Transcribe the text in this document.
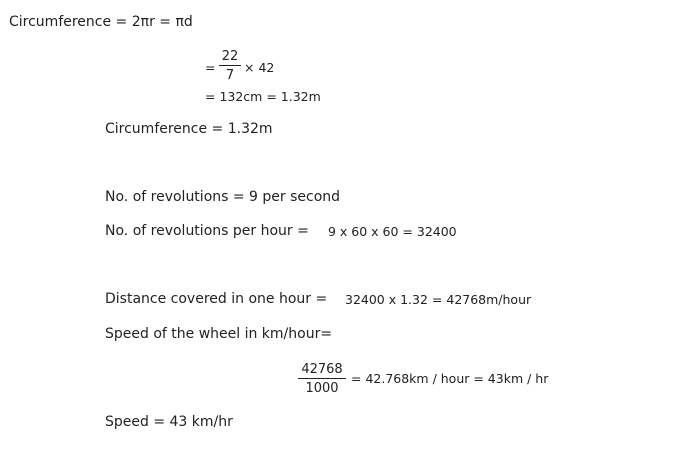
Circumference = 2πr = πd
=
22
7
× 42
= 132cm = 1.32m
Circumference = 1.32m
No. of revolutions = 9 per second
No. of revolutions per hour = 9 x 60 x 60 = 32400
Distance covered in one hour = 32400 x 1.32 = 42768m/hour
Speed of the wheel in km/hour=
42768
1000
= 42.768km / hour = 43km / hr
Speed = 43 km/hr
